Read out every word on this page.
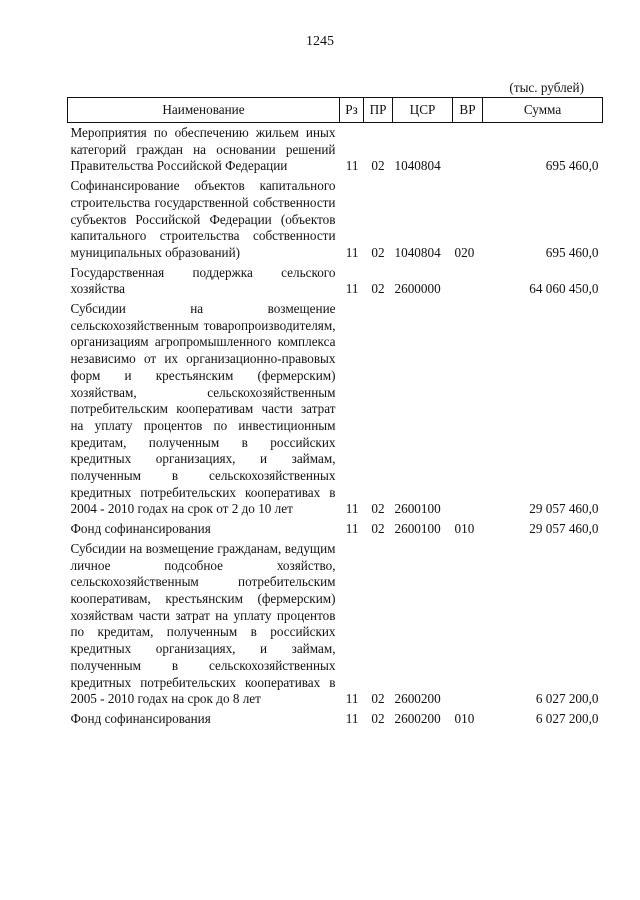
1245
(тыс. рублей)
Наименование	Рз	ПР	ЦСР	ВР	Сумма
Мероприятия по обеспечению жильем иных категорий граждан на основании решений Правительства Российской Федерации	11	02	1040804		695 460,0
Софинансирование объектов капитального строительства государственной собственности субъектов Российской Федерации (объектов капитального строительства собственности муниципальных образований)	11	02	1040804	020	695 460,0
Государственная поддержка сельского хозяйства	11	02	2600000		64 060 450,0
Субсидии на возмещение сельскохозяйственным товаропроизводителям, организациям агропромышленного комплекса независимо от их организационно-правовых форм и крестьянским (фермерским) хозяйствам, сельскохозяйственным потребительским кооперативам части затрат на уплату процентов по инвестиционным кредитам, полученным в российских кредитных организациях, и займам, полученным в сельскохозяйственных кредитных потребительских кооперативах в 2004 - 2010 годах на срок от 2 до 10 лет	11	02	2600100		29 057 460,0
Фонд софинансирования	11	02	2600100	010	29 057 460,0
Субсидии на возмещение гражданам, ведущим личное подсобное хозяйство, сельскохозяйственным потребительским кооперативам, крестьянским (фермерским) хозяйствам части затрат на уплату процентов по кредитам, полученным в российских кредитных организациях, и займам, полученным в сельскохозяйственных кредитных потребительских кооперативах в 2005 - 2010 годах на срок до 8 лет	11	02	2600200		6 027 200,0
Фонд софинансирования	11	02	2600200	010	6 027 200,0
